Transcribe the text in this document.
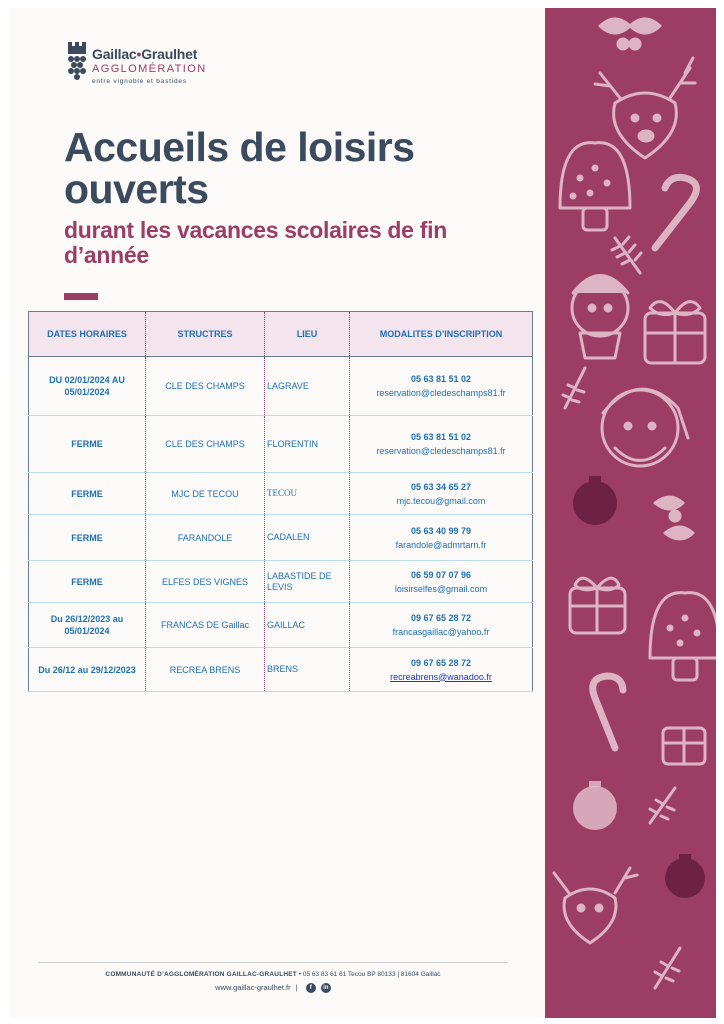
Gaillac•Graulhet
AGGLOMÉRATION
entre vignoble et bastides
Accueils de loisirs ouverts
durant les vacances scolaires de fin d’année
DATES HORAIRES	STRUCTRES	LIEU	MODALITES D’INSCRIPTION
DU 02/01/2024 AU 05/01/2024	CLE DES CHAMPS	LAGRAVE	05 63 81 51 02
reservation@cledeschamps81.fr

FERME	CLE DES CHAMPS	FLORENTIN	05 63 81 51 02
reservation@cledeschamps81.fr

FERME	MJC DE TECOU	TECOU	05 63 34 65 27
mjc.tecou@gmail.com

FERME	FARANDOLE	CADALEN	05 63 40 99 79
farandole@admrtarn.fr

FERME	ELFES DES VIGNES	LABASTIDE DE LEVIS	06 59 07 07 96
loisirselfes@gmail.com

Du 26/12/2023 au 05/01/2024	FRANCAS DE Gaillac	GAILLAC	09 67 65 28 72
francasgaillac@yahoo.fr

Du 26/12 au 29/12/2023	RECREA BRENS	BRENS	09 67 65 28 72
recreabrens@wanadoo.fr
COMMUNAUTÉ D’AGGLOMÉRATION GAILLAC-GRAULHET • 05 63 83 61 61 Tecou BP 80133 | 81604 Gaillac
www.gaillac-graulhet.fr | f in
